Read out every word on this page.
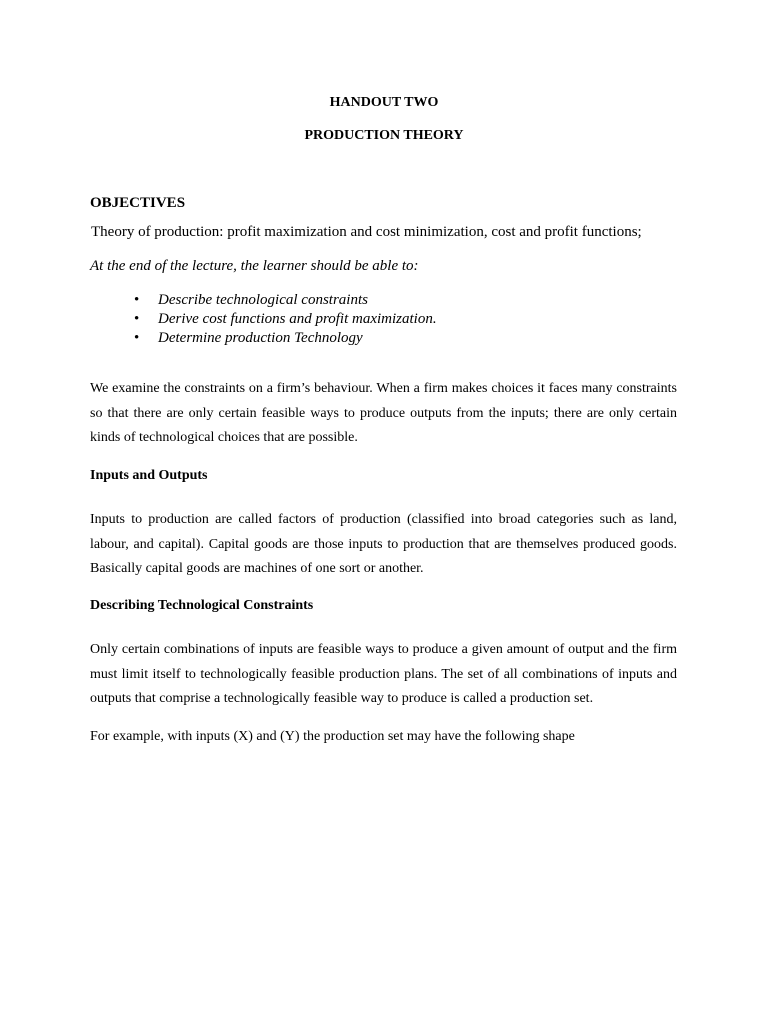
HANDOUT TWO
PRODUCTION THEORY
OBJECTIVES

Theory of production: profit maximization and cost minimization, cost and profit functions;

At the end of the lecture, the learner should be able to:

• Describe technological constraints
• Derive cost functions and profit maximization.
• Determine production Technology

We examine the constraints on a firm’s behaviour. When a firm makes choices it faces many constraints so that there are only certain feasible ways to produce outputs from the inputs; there are only certain kinds of technological choices that are possible.

Inputs and Outputs

Inputs to production are called factors of production (classified into broad categories such as land, labour, and capital). Capital goods are those inputs to production that are themselves produced goods. Basically capital goods are machines of one sort or another.

Describing Technological Constraints

Only certain combinations of inputs are feasible ways to produce a given amount of output and the firm must limit itself to technologically feasible production plans. The set of all combinations of inputs and outputs that comprise a technologically feasible way to produce is called a production set.

For example, with inputs (X) and (Y) the production set may have the following shape
